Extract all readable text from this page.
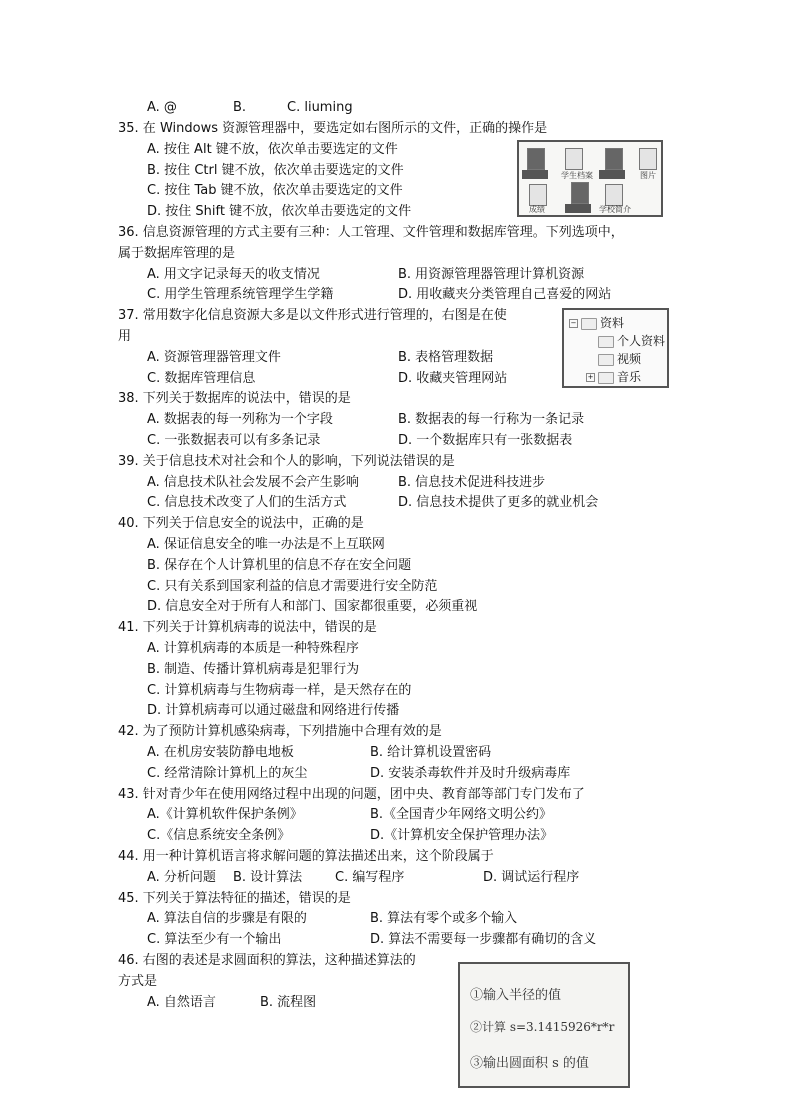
A. @	B.	C. liuming
35. 在 Windows 资源管理器中，要选定如右图所示的文件，正确的操作是
A. 按住 Alt 键不放，依次单击要选定的文件
B. 按住 Ctrl 键不放，依次单击要选定的文件
C. 按住 Tab 键不放，依次单击要选定的文件
D. 按住 Shift 键不放，依次单击要选定的文件
36. 信息资源管理的方式主要有三种：人工管理、文件管理和数据库管理。下列选项中，
属于数据库管理的是
A. 用文字记录每天的收支情况	B. 用资源管理器管理计算机资源
C. 用学生管理系统管理学生学籍	D. 用收藏夹分类管理自己喜爱的网站
37. 常用数字化信息资源大多是以文件形式进行管理的，右图是在使
用
A. 资源管理器管理文件	B. 表格管理数据
C. 数据库管理信息	D. 收藏夹管理网站
38. 下列关于数据库的说法中，错误的是
A. 数据表的每一列称为一个字段	B. 数据表的每一行称为一条记录
C. 一张数据表可以有多条记录	D. 一个数据库只有一张数据表
39. 关于信息技术对社会和个人的影响，下列说法错误的是
A. 信息技术队社会发展不会产生影响	B. 信息技术促进科技进步
C. 信息技术改变了人们的生活方式	D. 信息技术提供了更多的就业机会
40. 下列关于信息安全的说法中，正确的是
A. 保证信息安全的唯一办法是不上互联网
B. 保存在个人计算机里的信息不存在安全问题
C. 只有关系到国家利益的信息才需要进行安全防范
D. 信息安全对于所有人和部门、国家都很重要，必须重视
41. 下列关于计算机病毒的说法中，错误的是
A. 计算机病毒的本质是一种特殊程序
B. 制造、传播计算机病毒是犯罪行为
C. 计算机病毒与生物病毒一样，是天然存在的
D. 计算机病毒可以通过磁盘和网络进行传播
42. 为了预防计算机感染病毒，下列措施中合理有效的是
A. 在机房安装防静电地板	B. 给计算机设置密码
C. 经常清除计算机上的灰尘	D. 安装杀毒软件并及时升级病毒库
43. 针对青少年在使用网络过程中出现的问题，团中央、教育部等部门专门发布了
A.《计算机软件保护条例》	B.《全国青少年网络文明公约》
C.《信息系统安全条例》	D.《计算机安全保护管理办法》
44. 用一种计算机语言将求解问题的算法描述出来，这个阶段属于
A. 分析问题 B. 设计算法	C. 编写程序	D. 调试运行程序
45. 下列关于算法特征的描述，错误的是
A. 算法自信的步骤是有限的	B. 算法有零个或多个输入
C. 算法至少有一个输出	D. 算法不需要每一步骤都有确切的含义
46. 右图的表述是求圆面积的算法，这种描述算法的
方式是
A. 自然语言	B. 流程图
学生档案	图片
成绩	学校简介
− 资料
个人资料
视频
+ 音乐
①输入半径的值
②计算 s=3.1415926*r*r
③输出圆面积 s 的值
